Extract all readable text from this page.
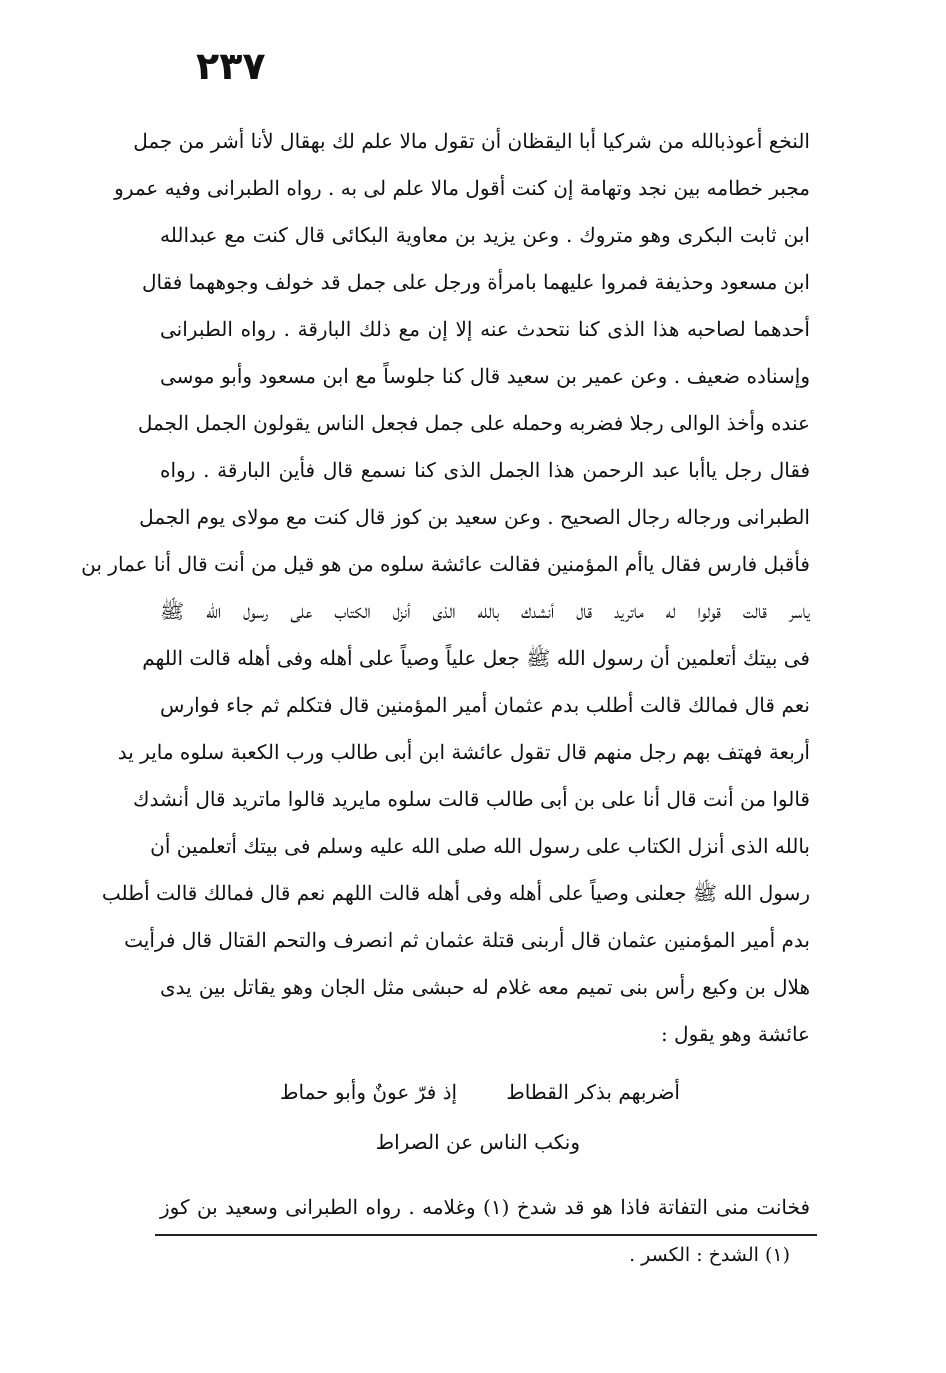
٢٣٧
النخع أعوذبالله من شركيا أبا اليقظان أن تقول مالا علم لك بهقال لأنا أشر من جمل
مجبر خطامه بين نجد وتهامة إن كنت أقول مالا علم لى به . رواه الطبرانى وفيه عمرو
ابن ثابت البكرى وهو متروك . وعن يزيد بن معاوية البكائى قال كنت مع عبدالله
ابن مسعود وحذيفة فمروا عليهما بامرأة ورجل على جمل قد خولف وجوههما فقال
أحدهما لصاحبه هذا الذى كنا نتحدث عنه إلا إن مع ذلك البارقة . رواه الطبرانى
وإسناده ضعيف . وعن عمير بن سعيد قال كنا جلوساً مع ابن مسعود وأبو موسى
عنده وأخذ الوالى رجلا فضربه وحمله على جمل فجعل الناس يقولون الجمل الجمل
فقال رجل ياأبا عبد الرحمن هذا الجمل الذى كنا نسمع قال فأين البارقة . رواه
الطبرانى ورجاله رجال الصحيح . وعن سعيد بن كوز قال كنت مع مولاى يوم الجمل
فأقبل فارس فقال ياأم المؤمنين فقالت عائشة سلوه من هو قيل من أنت قال أنا عمار بن
ياسر قالت قولوا له ماتريد قال أنشدك بالله الذى أنزل الكتاب على رسول الله ﷺ
فى بيتك أتعلمين أن رسول الله ﷺ جعل علياً وصياً على أهله وفى أهله قالت اللهم
نعم قال فمالك قالت أطلب بدم عثمان أمير المؤمنين قال فتكلم ثم جاء فوارس
أربعة فهتف بهم رجل منهم قال تقول عائشة ابن أبى طالب ورب الكعبة سلوه ماير يد
قالوا من أنت قال أنا على بن أبى طالب قالت سلوه مايريد قالوا ماتريد قال أنشدك
بالله الذى أنزل الكتاب على رسول الله صلى الله عليه وسلم فى بيتك أتعلمين أن
رسول الله ﷺ جعلنى وصياً على أهله وفى أهله قالت اللهم نعم قال فمالك قالت أطلب
بدم أمير المؤمنين عثمان قال أربنى قتلة عثمان ثم انصرف والتحم القتال قال فرأيت
هلال بن وكيع رأس بنى تميم معه غلام له حبشى مثل الجان وهو يقاتل بين يدى
عائشة وهو يقول :
أضربهم بذكر القطاط
إذ فرّ عونٌ وأبو حماط
ونكب الناس عن الصراط
فخانت منى التفاتة فاذا هو قد شدخ (١) وغلامه . رواه الطبرانى وسعيد بن كوز
(١) الشدخ : الكسر .
